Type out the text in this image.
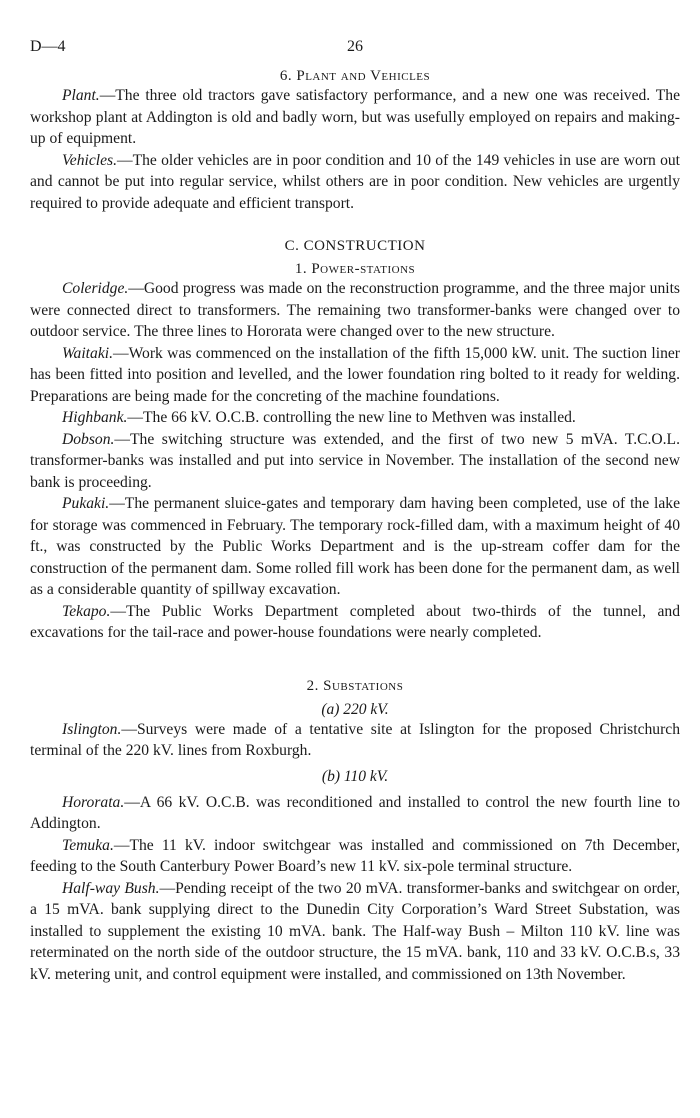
D—4	26
6. Plant and Vehicles

Plant.—The three old tractors gave satisfactory performance, and a new one was received. The workshop plant at Addington is old and badly worn, but was usefully employed on repairs and making-up of equipment.

Vehicles.—The older vehicles are in poor condition and 10 of the 149 vehicles in use are worn out and cannot be put into regular service, whilst others are in poor condition. New vehicles are urgently required to provide adequate and efficient transport.

C. CONSTRUCTION
1. Power-stations

Coleridge.—Good progress was made on the reconstruction programme, and the three major units were connected direct to transformers. The remaining two transformer-banks were changed over to outdoor service. The three lines to Hororata were changed over to the new structure.

Waitaki.—Work was commenced on the installation of the fifth 15,000 kW. unit. The suction liner has been fitted into position and levelled, and the lower foundation ring bolted to it ready for welding. Preparations are being made for the concreting of the machine foundations.

Highbank.—The 66 kV. O.C.B. controlling the new line to Methven was installed.

Dobson.—The switching structure was extended, and the first of two new 5 mVA. T.C.O.L. transformer-banks was installed and put into service in November. The installation of the second new bank is proceeding.

Pukaki.—The permanent sluice-gates and temporary dam having been completed, use of the lake for storage was commenced in February. The temporary rock-filled dam, with a maximum height of 40 ft., was constructed by the Public Works Department and is the up-stream coffer dam for the construction of the permanent dam. Some rolled fill work has been done for the permanent dam, as well as a considerable quantity of spillway excavation.

Tekapo.—The Public Works Department completed about two-thirds of the tunnel, and excavations for the tail-race and power-house foundations were nearly completed.

2. Substations
(a) 220 kV.

Islington.—Surveys were made of a tentative site at Islington for the proposed Christchurch terminal of the 220 kV. lines from Roxburgh.

(b) 110 kV.

Hororata.—A 66 kV. O.C.B. was reconditioned and installed to control the new fourth line to Addington.

Temuka.—The 11 kV. indoor switchgear was installed and commissioned on 7th December, feeding to the South Canterbury Power Board’s new 11 kV. six-pole terminal structure.

Half-way Bush.—Pending receipt of the two 20 mVA. transformer-banks and switchgear on order, a 15 mVA. bank supplying direct to the Dunedin City Corporation’s Ward Street Substation, was installed to supplement the existing 10 mVA. bank. The Half-way Bush – Milton 110 kV. line was reterminated on the north side of the outdoor structure, the 15 mVA. bank, 110 and 33 kV. O.C.B.s, 33 kV. metering unit, and control equipment were installed, and commissioned on 13th November.
